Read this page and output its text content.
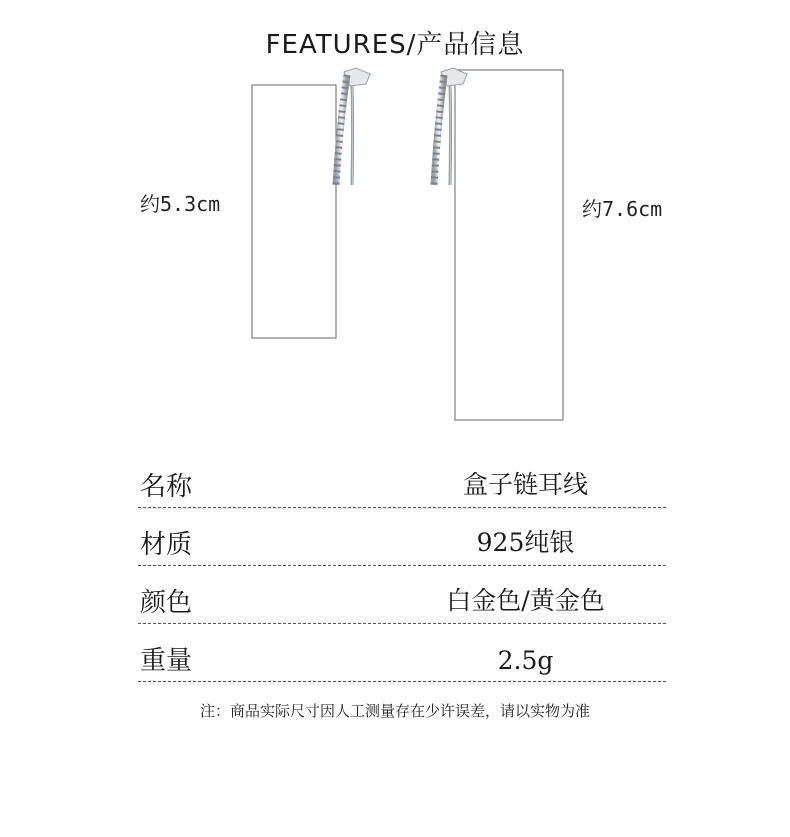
FEATURES/产品信息
约5.3cm	约7.6cm
名称	盒子链耳线
材质	925纯银
颜色	白金色/黄金色
重量	2.5g
注：商品实际尺寸因人工测量存在少许误差，请以实物为准
